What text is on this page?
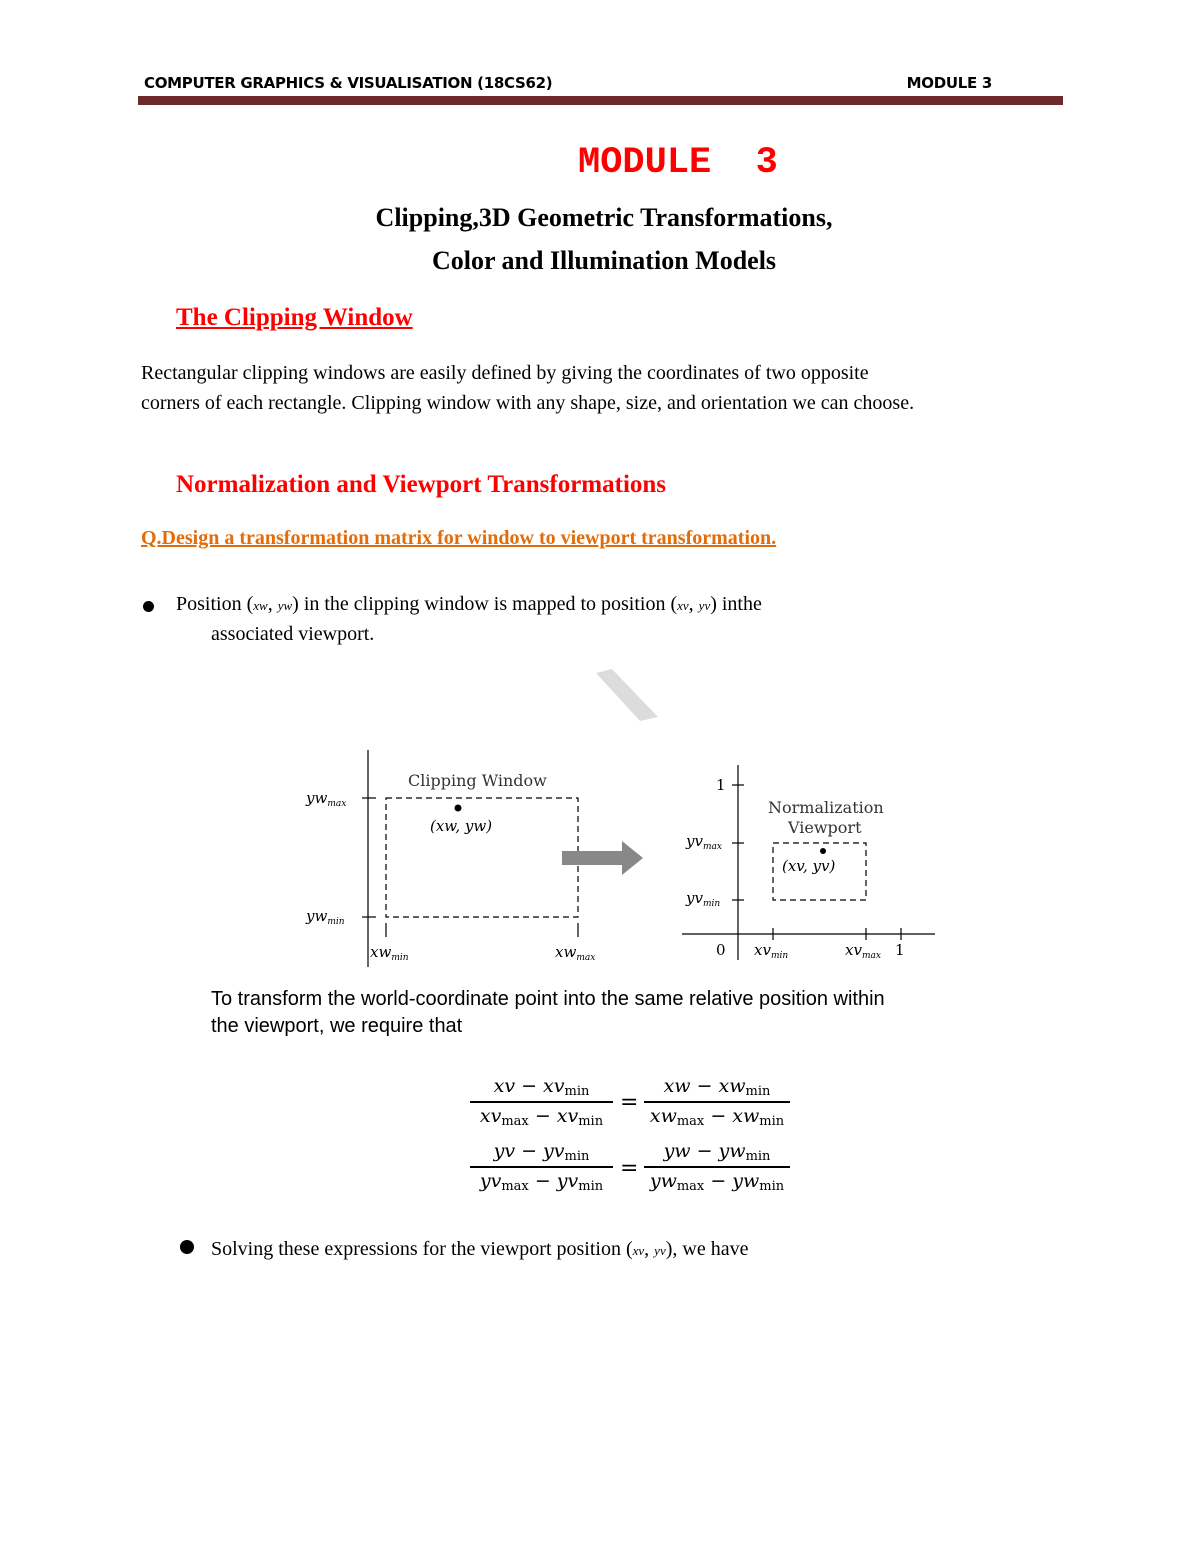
COMPUTER GRAPHICS & VISUALISATION (18CS62)	MODULE 3
MODULE  3
Clipping,3D Geometric Transformations,
Color and Illumination Models
The Clipping Window
Rectangular clipping windows are easily defined by giving the coordinates of two opposite
corners of each rectangle. Clipping window with any shape, size, and orientation we can choose.
Normalization and Viewport Transformations
Q.Design a transformation matrix for window to viewport transformation.
Position (xw, yw) in the clipping window is mapped to position (xv, yv) inthe
associated viewport.
Clipping Window
(xw, yw)
$yw_{max}$
$yw_{min}$
$xw_{min}$	$xw_{max}$
Normalization
Viewport
(xv, yv)
1
0	1
$yv_{max}$
$yv_{min}$
$xv_{min}$	$xv_{max}$
To transform the world-coordinate point into the same relative position within
the viewport, we require that
xv − $xv_{min}$
$xv_{max} - xv_{min}$
=
xw − $xw_{min}$
$xw_{max} - xw_{min}$
yv − $yv_{min}$
$yv_{max} - yv_{min}$
=
yw − $yw_{min}$
$yw_{max} - yw_{min}$
Solving these expressions for the viewport position (xv, yv), we have
